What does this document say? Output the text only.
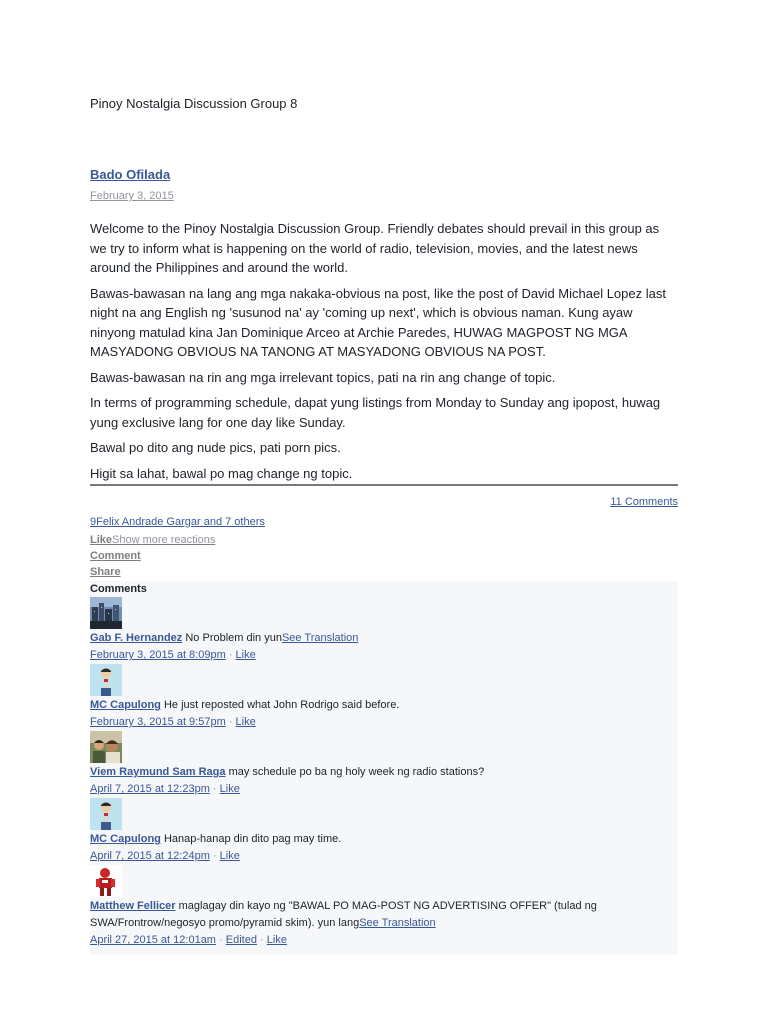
Pinoy Nostalgia Discussion Group 8
Bado Ofilada
February 3, 2015

Welcome to the Pinoy Nostalgia Discussion Group. Friendly debates should prevail in this group as we try to inform what is happening on the world of radio, television, movies, and the latest news around the Philippines and around the world.

Bawas-bawasan na lang ang mga nakaka-obvious na post, like the post of David Michael Lopez last night na ang English ng 'susunod na' ay 'coming up next', which is obvious naman. Kung ayaw ninyong matulad kina Jan Dominique Arceo at Archie Paredes, HUWAG MAGPOST NG MGA MASYADONG OBVIOUS NA TANONG AT MASYADONG OBVIOUS NA POST.

Bawas-bawasan na rin ang mga irrelevant topics, pati na rin ang change of topic.

In terms of programming schedule, dapat yung listings from Monday to Sunday ang ipopost, huwag yung exclusive lang for one day like Sunday.

Bawal po dito ang nude pics, pati porn pics.

Higit sa lahat, bawal po mag change ng topic.

11 Comments
9Felix Andrade Gargar and 7 others
LikeShow more reactions
Comment
Share
Comments
Gab F. Hernandez No Problem din yunSee Translation
February 3, 2015 at 8:09pm · Like
MC Capulong He just reposted what John Rodrigo said before.
February 3, 2015 at 9:57pm · Like
Viem Raymund Sam Raga may schedule po ba ng holy week ng radio stations?
April 7, 2015 at 12:23pm · Like
MC Capulong Hanap-hanap din dito pag may time.
April 7, 2015 at 12:24pm · Like
Matthew Fellicer maglagay din kayo ng "BAWAL PO MAG-POST NG ADVERTISING OFFER" (tulad ng SWA/Frontrow/negosyo promo/pyramid skim). yun langSee Translation
April 27, 2015 at 12:01am · Edited · Like
